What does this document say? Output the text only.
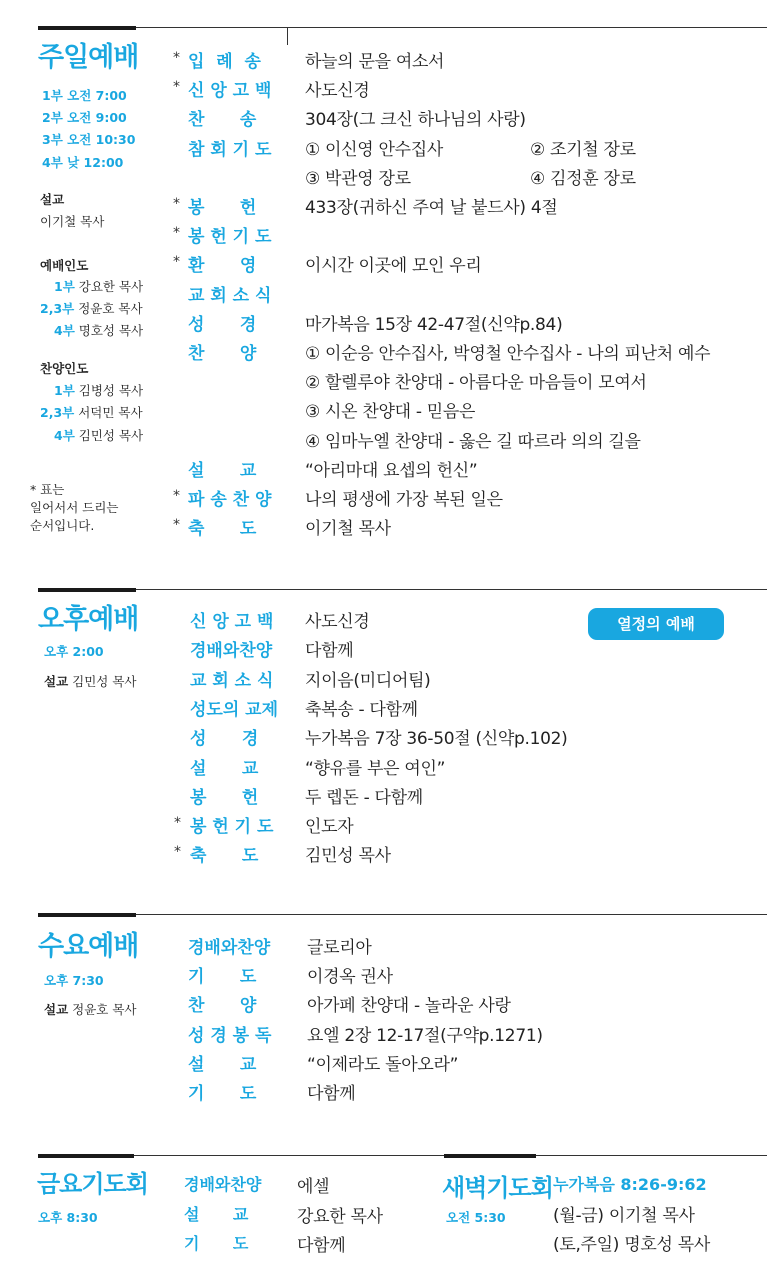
주일예배
1부 오전 7:00
2부 오전 9:00
3부 오전 10:30
4부 낮 12:00
설교
이기철 목사
예배인도
1부 강요한 목사
2,3부 정윤호 목사
4부 명호성 목사
찬양인도
1부 김병성 목사
2,3부 서덕민 목사
4부 김민성 목사
* 표는
일어서서 드리는
순서입니다.
* 입  례  송	하늘의 문을 여소서
* 신 앙 고 백 사도신경
찬      송	304장(그 크신 하나님의 사랑)
참 회 기 도 ① 이신영 안수집사	② 조기철 장로
③ 박관영 장로	④ 김정훈 장로
* 봉      헌	433장(귀하신 주여 날 붙드사) 4절
* 봉 헌 기 도
* 환      영	이시간 이곳에 모인 우리
교 회 소 식
성      경	마가복음 15장 42-47절(신약p.84)
찬      양	① 이순응 안수집사, 박영철 안수집사 - 나의 피난처 예수
② 할렐루야 찬양대 - 아름다운 마음들이 모여서
③ 시온 찬양대 - 믿음은
④ 임마누엘 찬양대 - 옳은 길 따르라 의의 길을
설      교	“아리마대 요셉의 헌신”
* 파 송 찬 양 나의 평생에 가장 복된 일은
* 축      도	이기철 목사
오후예배
오후 2:00
설교 김민성 목사
열정의 예배
신 앙 고 백 사도신경
경배와찬양 다함께
교 회 소 식 지이음(미디어팀)
성도의 교제 축복송 - 다함께
성      경	누가복음 7장 36-50절 (신약p.102)
설      교	“향유를 부은 여인”
봉      헌	두 렙돈 - 다함께
* 봉 헌 기 도 인도자
* 축      도	김민성 목사
수요예배
오후 7:30
설교 정윤호 목사
경배와찬양 글로리아
기      도	이경옥 권사
찬      양	아가페 찬양대 - 놀라운 사랑
성 경 봉 독 요엘 2장 12-17절(구약p.1271)
설      교	“이제라도 돌아오라”
기      도	다함께
금요기도회
오후 8:30
경배와찬양 에셀
설      교	강요한 목사
기      도	다함께
새벽기도회
오전 5:30
누가복음 8:26-9:62
(월-금) 이기철 목사
(토,주일) 명호성 목사
